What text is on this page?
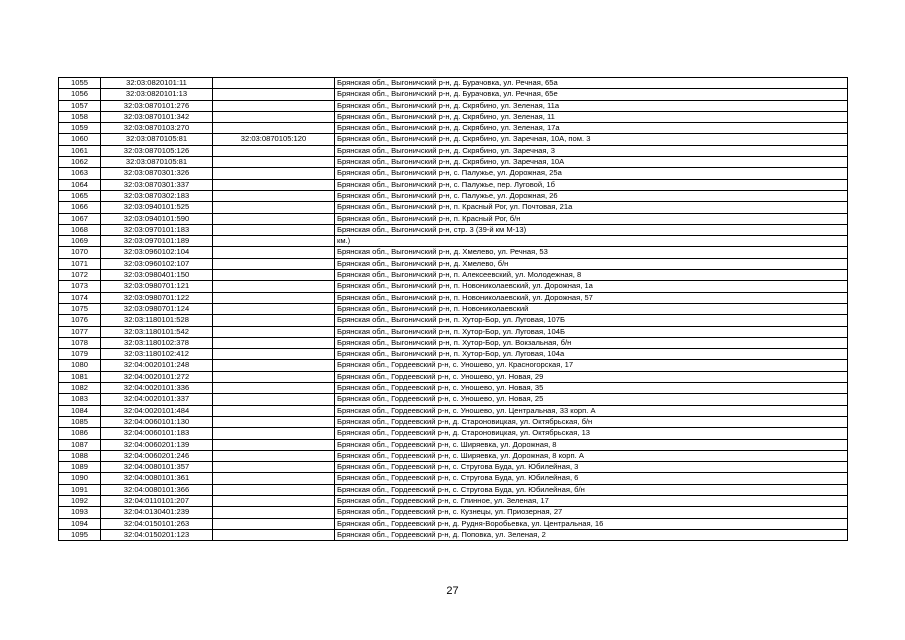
1055	32:03:0820101:11		Брянская обл., Выгоничский р-н, д. Бурачовка, ул. Речная, 65а
1056	32:03:0820101:13		Брянская обл., Выгоничский р-н, д. Бурачовка, ул. Речная, 65е
1057	32:03:0870101:276		Брянская обл., Выгоничский р-н, д. Скрябино, ул. Зеленая, 11а
1058	32:03:0870101:342		Брянская обл., Выгоничский р-н, д. Скрябино, ул. Зеленая, 11
1059	32:03:0870103:270		Брянская обл., Выгоничский р-н, д. Скрябино, ул. Зеленая, 17а
1060	32:03:0870105:81	32:03:0870105:120	Брянская обл., Выгоничский р-н, д. Скрябино, ул. Заречная, 10А, пом. 3
1061	32:03:0870105:126		Брянская обл., Выгоничский р-н, д. Скрябино, ул. Заречная, 3
1062	32:03:0870105:81		Брянская обл., Выгоничский р-н, д. Скрябино, ул. Заречная, 10А
1063	32:03:0870301:326		Брянская обл., Выгоничский р-н, с. Палужье, ул. Дорожная, 25а
1064	32:03:0870301:337		Брянская обл., Выгоничский р-н, с. Палужье, пер. Луговой, 1б
1065	32:03:0870302:183		Брянская обл., Выгоничский р-н, с. Палужье, ул. Дорожная, 26
1066	32:03:0940101:525		Брянская обл., Выгоничский р-н, п. Красный Рог, ул. Почтовая, 21а
1067	32:03:0940101:590		Брянская обл., Выгоничский р-н, п. Красный Рог, б/н
1068	32:03:0970101:183		Брянская обл., Выгоничский р-н, стр. 3 (39-й км М-13)
1069	32:03:0970101:189		км.)
1070	32:03:0960102:104		Брянская обл., Выгоничский р-н, д. Хмелево, ул. Речная, 53
1071	32:03:0960102:107		Брянская обл., Выгоничский р-н, д. Хмелево, б/н
1072	32:03:0980401:150		Брянская обл., Выгоничский р-н, п. Алексеевский, ул. Молодежная, 8
1073	32:03:0980701:121		Брянская обл., Выгоничский р-н, п. Новониколаевский, ул. Дорожная, 1а
1074	32:03:0980701:122		Брянская обл., Выгоничский р-н, п. Новониколаевский, ул. Дорожная, 57
1075	32:03:0980701:124		Брянская обл., Выгоничский р-н, п. Новониколаевский
1076	32:03:1180101:528		Брянская обл., Выгоничский р-н, п. Хутор-Бор, ул. Луговая, 107Б
1077	32:03:1180101:542		Брянская обл., Выгоничский р-н, п. Хутор-Бор, ул. Луговая, 104Б
1078	32:03:1180102:378		Брянская обл., Выгоничский р-н, п. Хутор-Бор, ул. Вокзальная, б/н
1079	32:03:1180102:412		Брянская обл., Выгоничский р-н, п. Хутор-Бор, ул. Луговая, 104а
1080	32:04:0020101:248		Брянская обл., Гордеевский р-н, с. Уношево, ул. Красногорская, 17
1081	32:04:0020101:272		Брянская обл., Гордеевский р-н, с. Уношево, ул. Новая, 29
1082	32:04:0020101:336		Брянская обл., Гордеевский р-н, с. Уношево, ул. Новая, 35
1083	32:04:0020101:337		Брянская обл., Гордеевский р-н, с. Уношево, ул. Новая, 25
1084	32:04:0020101:484		Брянская обл., Гордеевский р-н, с. Уношево, ул. Центральная, 33 корп. А
1085	32:04:0060101:130		Брянская обл., Гордеевский р-н, д. Староновицкая, ул. Октябрьская, б/н
1086	32:04:0060101:183		Брянская обл., Гордеевский р-н, д. Староновицкая, ул. Октябрьская, 13
1087	32:04:0060201:139		Брянская обл., Гордеевский р-н, с. Ширяевка, ул. Дорожная, 8
1088	32:04:0060201:246		Брянская обл., Гордеевский р-н, с. Ширяевка, ул. Дорожная, 8 корп. А
1089	32:04:0080101:357		Брянская обл., Гордеевский р-н, с. Стругова Буда, ул. Юбилейная, 3
1090	32:04:0080101:361		Брянская обл., Гордеевский р-н, с. Стругова Буда, ул. Юбилейная, 6
1091	32:04:0080101:366		Брянская обл., Гордеевский р-н, с. Стругова Буда, ул. Юбилейная, б/н
1092	32:04:0110101:207		Брянская обл., Гордеевский р-н, с. Глинное, ул. Зеленая, 17
1093	32:04:0130401:239		Брянская обл., Гордеевский р-н, с. Кузнецы, ул. Приозерная, 27
1094	32:04:0150101:263		Брянская обл., Гордеевский р-н, д. Рудня-Воробьевка, ул. Центральная, 16
1095	32:04:0150201:123		Брянская обл., Гордеевский р-н, д. Поповка, ул. Зеленая, 2
27
